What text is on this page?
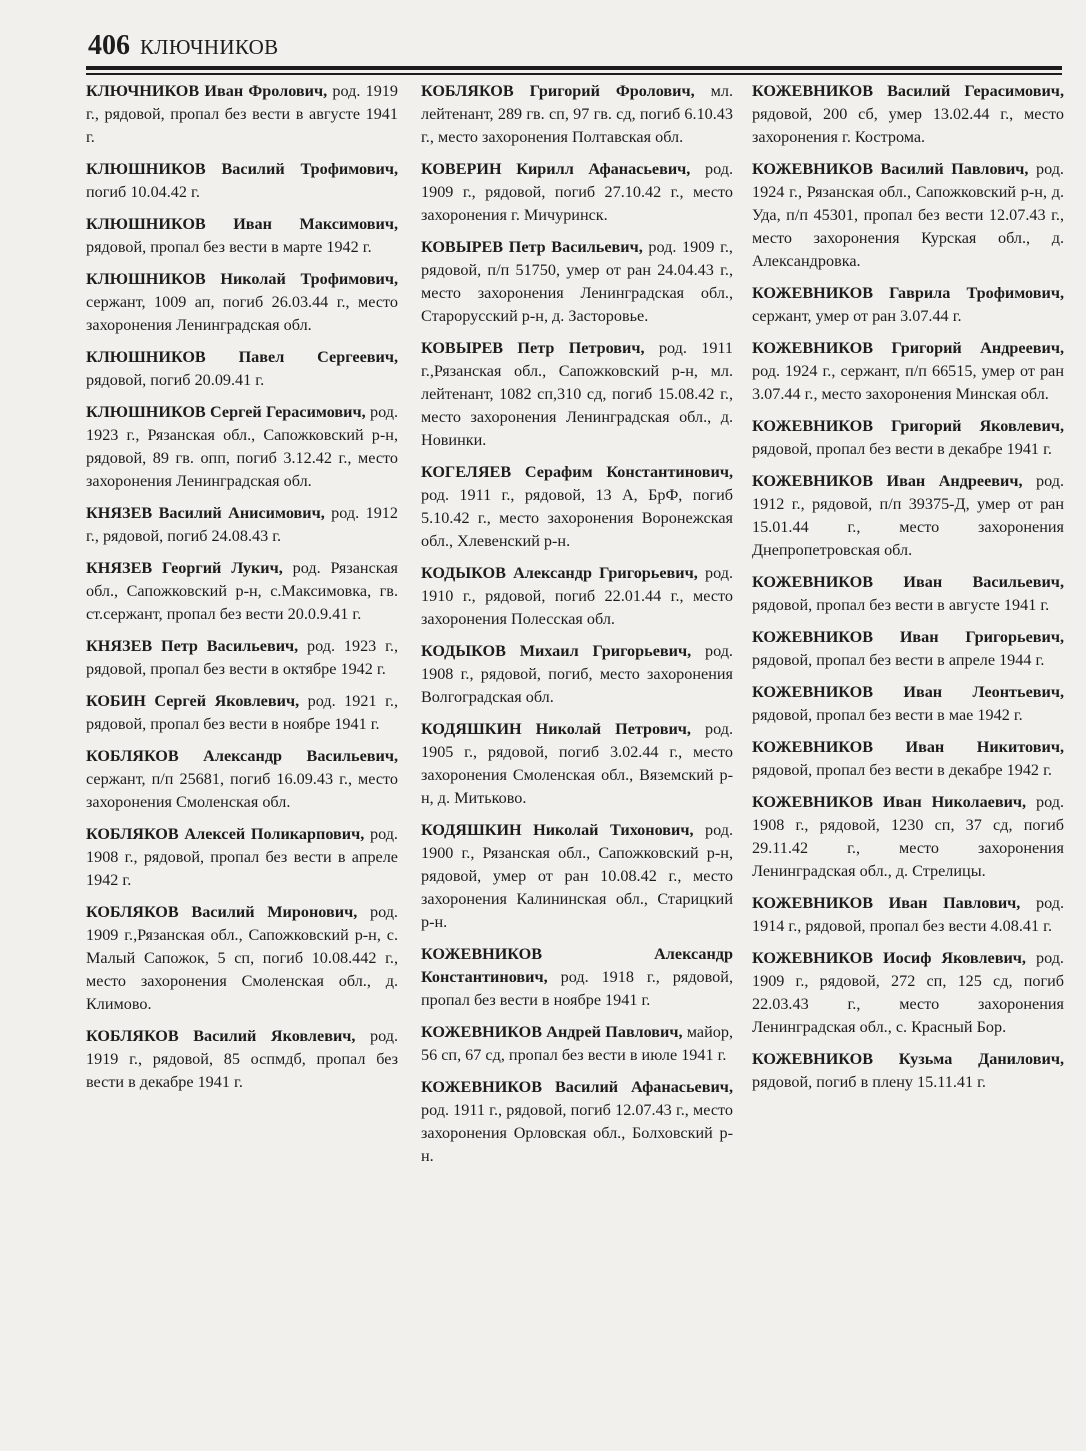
406 КЛЮЧНИКОВ

КЛЮЧНИКОВ Иван Фролович, род. 1919 г., рядовой, пропал без вести в августе 1941 г.

КЛЮШНИКОВ Василий Трофимович, погиб 10.04.42 г.

КЛЮШНИКОВ Иван Максимович, рядовой, пропал без вести в марте 1942 г.

КЛЮШНИКОВ Николай Трофимович, сержант, 1009 ап, погиб 26.03.44 г., место захоронения Ленинградская обл.

КЛЮШНИКОВ Павел Сергеевич, рядовой, погиб 20.09.41 г.

КЛЮШНИКОВ Сергей Герасимович, род. 1923 г., Рязанская обл., Сапожковский р-н, рядовой, 89 гв. опп, погиб 3.12.42 г., место захоронения Ленинградская обл.

КНЯЗЕВ Василий Анисимович, род. 1912 г., рядовой, погиб 24.08.43 г.

КНЯЗЕВ Георгий Лукич, род. Рязанская обл., Сапожковский р-н, с.Максимовка, гв. ст.сержант, пропал без вести 20.0.9.41 г.

КНЯЗЕВ Петр Васильевич, род. 1923 г., рядовой, пропал без вести в октябре 1942 г.

КОБИН Сергей Яковлевич, род. 1921 г., рядовой, пропал без вести в ноябре 1941 г.

КОБЛЯКОВ Александр Васильевич, сержант, п/п 25681, погиб 16.09.43 г., место захоронения Смоленская обл.

КОБЛЯКОВ Алексей Поликарпович, род. 1908 г., рядовой, пропал без вести в апреле 1942 г.

КОБЛЯКОВ Василий Миронович, род. 1909 г.,Рязанская обл., Сапожковский р-н, с. Малый Сапожок, 5 сп, погиб 10.08.442 г., место захоронения Смоленская обл., д. Климово.

КОБЛЯКОВ Василий Яковлевич, род. 1919 г., рядовой, 85 оспмдб, пропал без вести в декабре 1941 г.

КОБЛЯКОВ Григорий Фролович, мл. лейтенант, 289 гв. сп, 97 гв. сд, погиб 6.10.43 г., место захоронения Полтавская обл.

КОВЕРИН Кирилл Афанасьевич, род. 1909 г., рядовой, погиб 27.10.42 г., место захоронения г. Мичуринск.

КОВЫРЕВ Петр Васильевич, род. 1909 г., рядовой, п/п 51750, умер от ран 24.04.43 г., место захоронения Ленинградская обл., Старорусский р-н, д. Засторовье.

КОВЫРЕВ Петр Петрович, род. 1911 г.,Рязанская обл., Сапожковский р-н, мл. лейтенант, 1082 сп,310 сд, погиб 15.08.42 г., место захоронения Ленинградская обл., д. Новинки.

КОГЕЛЯЕВ Серафим Константинович, род. 1911 г., рядовой, 13 А, БрФ, погиб 5.10.42 г., место захоронения Воронежская обл., Хлевенский р-н.

КОДЫКОВ Александр Григорьевич, род. 1910 г., рядовой, погиб 22.01.44 г., место захоронения Полесская обл.

КОДЫКОВ Михаил Григорьевич, род. 1908 г., рядовой, погиб, место захоронения Волгоградская обл.

КОДЯШКИН Николай Петрович, род. 1905 г., рядовой, погиб 3.02.44 г., место захоронения Смоленская обл., Вяземский р-н, д. Митьково.

КОДЯШКИН Николай Тихонович, род. 1900 г., Рязанская обл., Сапожковский р-н, рядовой, умер от ран 10.08.42 г., место захоронения Калининская обл., Старицкий р-н.

КОЖЕВНИКОВ Александр Константинович, род. 1918 г., рядовой, пропал без вести в ноябре 1941 г.

КОЖЕВНИКОВ Андрей Павлович, майор, 56 сп, 67 сд, пропал без вести в июле 1941 г.

КОЖЕВНИКОВ Василий Афанасьевич, род. 1911 г., рядовой, погиб 12.07.43 г., место захоронения Орловская обл., Болховский р-н.

КОЖЕВНИКОВ Василий Герасимович, рядовой, 200 сб, умер 13.02.44 г., место захоронения г. Кострома.

КОЖЕВНИКОВ Василий Павлович, род. 1924 г., Рязанская обл., Сапожковский р-н, д. Уда, п/п 45301, пропал без вести 12.07.43 г., место захоронения Курская обл., д. Александровка.

КОЖЕВНИКОВ Гаврила Трофимович, сержант, умер от ран 3.07.44 г.

КОЖЕВНИКОВ Григорий Андреевич, род. 1924 г., сержант, п/п 66515, умер от ран 3.07.44 г., место захоронения Минская обл.

КОЖЕВНИКОВ Григорий Яковлевич, рядовой, пропал без вести в декабре 1941 г.

КОЖЕВНИКОВ Иван Андреевич, род. 1912 г., рядовой, п/п 39375-Д, умер от ран 15.01.44 г., место захоронения Днепропетровская обл.

КОЖЕВНИКОВ Иван Васильевич, рядовой, пропал без вести в августе 1941 г.

КОЖЕВНИКОВ Иван Григорьевич, рядовой, пропал без вести в апреле 1944 г.

КОЖЕВНИКОВ Иван Леонтьевич, рядовой, пропал без вести в мае 1942 г.

КОЖЕВНИКОВ Иван Никитович, рядовой, пропал без вести в декабре 1942 г.

КОЖЕВНИКОВ Иван Николаевич, род. 1908 г., рядовой, 1230 сп, 37 сд, погиб 29.11.42 г., место захоронения Ленинградская обл., д. Стрелицы.

КОЖЕВНИКОВ Иван Павлович, род. 1914 г., рядовой, пропал без вести 4.08.41 г.

КОЖЕВНИКОВ Иосиф Яковлевич, род. 1909 г., рядовой, 272 сп, 125 сд, погиб 22.03.43 г., место захоронения Ленинградская обл., с. Красный Бор.

КОЖЕВНИКОВ Кузьма Данилович, рядовой, погиб в плену 15.11.41 г.
